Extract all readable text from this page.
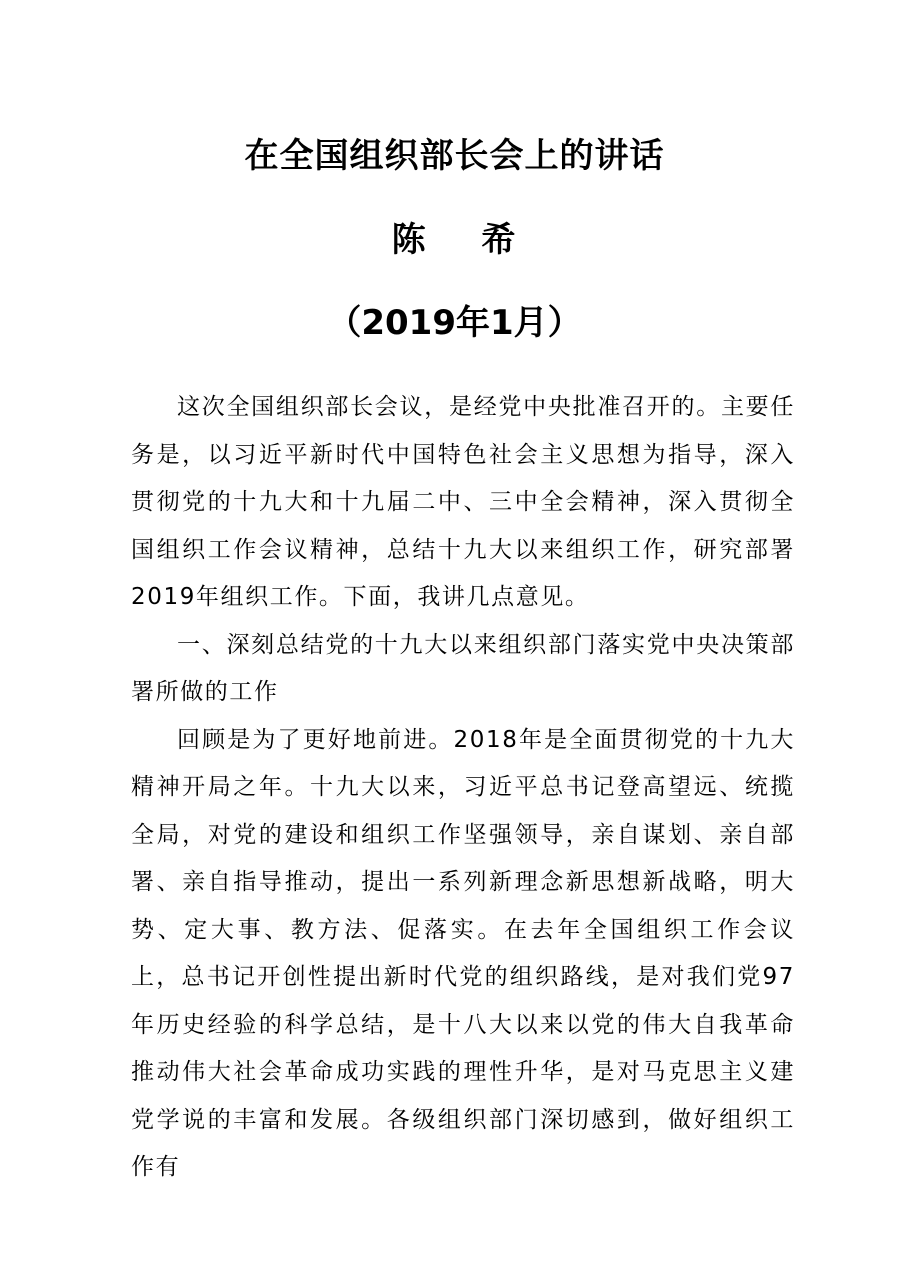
在全国组织部长会上的讲话
陈 希
（2019年1月）

这次全国组织部长会议，是经党中央批准召开的。主要任务是，以习近平新时代中国特色社会主义思想为指导，深入贯彻党的十九大和十九届二中、三中全会精神，深入贯彻全国组织工作会议精神，总结十九大以来组织工作，研究部署2019年组织工作。下面，我讲几点意见。

一、深刻总结党的十九大以来组织部门落实党中央决策部署所做的工作

回顾是为了更好地前进。2018年是全面贯彻党的十九大精神开局之年。十九大以来，习近平总书记登高望远、统揽全局，对党的建设和组织工作坚强领导，亲自谋划、亲自部署、亲自指导推动，提出一系列新理念新思想新战略，明大势、定大事、教方法、促落实。在去年全国组织工作会议上，总书记开创性提出新时代党的组织路线，是对我们党97年历史经验的科学总结，是十八大以来以党的伟大自我革命推动伟大社会革命成功实践的理性升华，是对马克思主义建党学说的丰富和发展。各级组织部门深切感到，做好组织工作有
